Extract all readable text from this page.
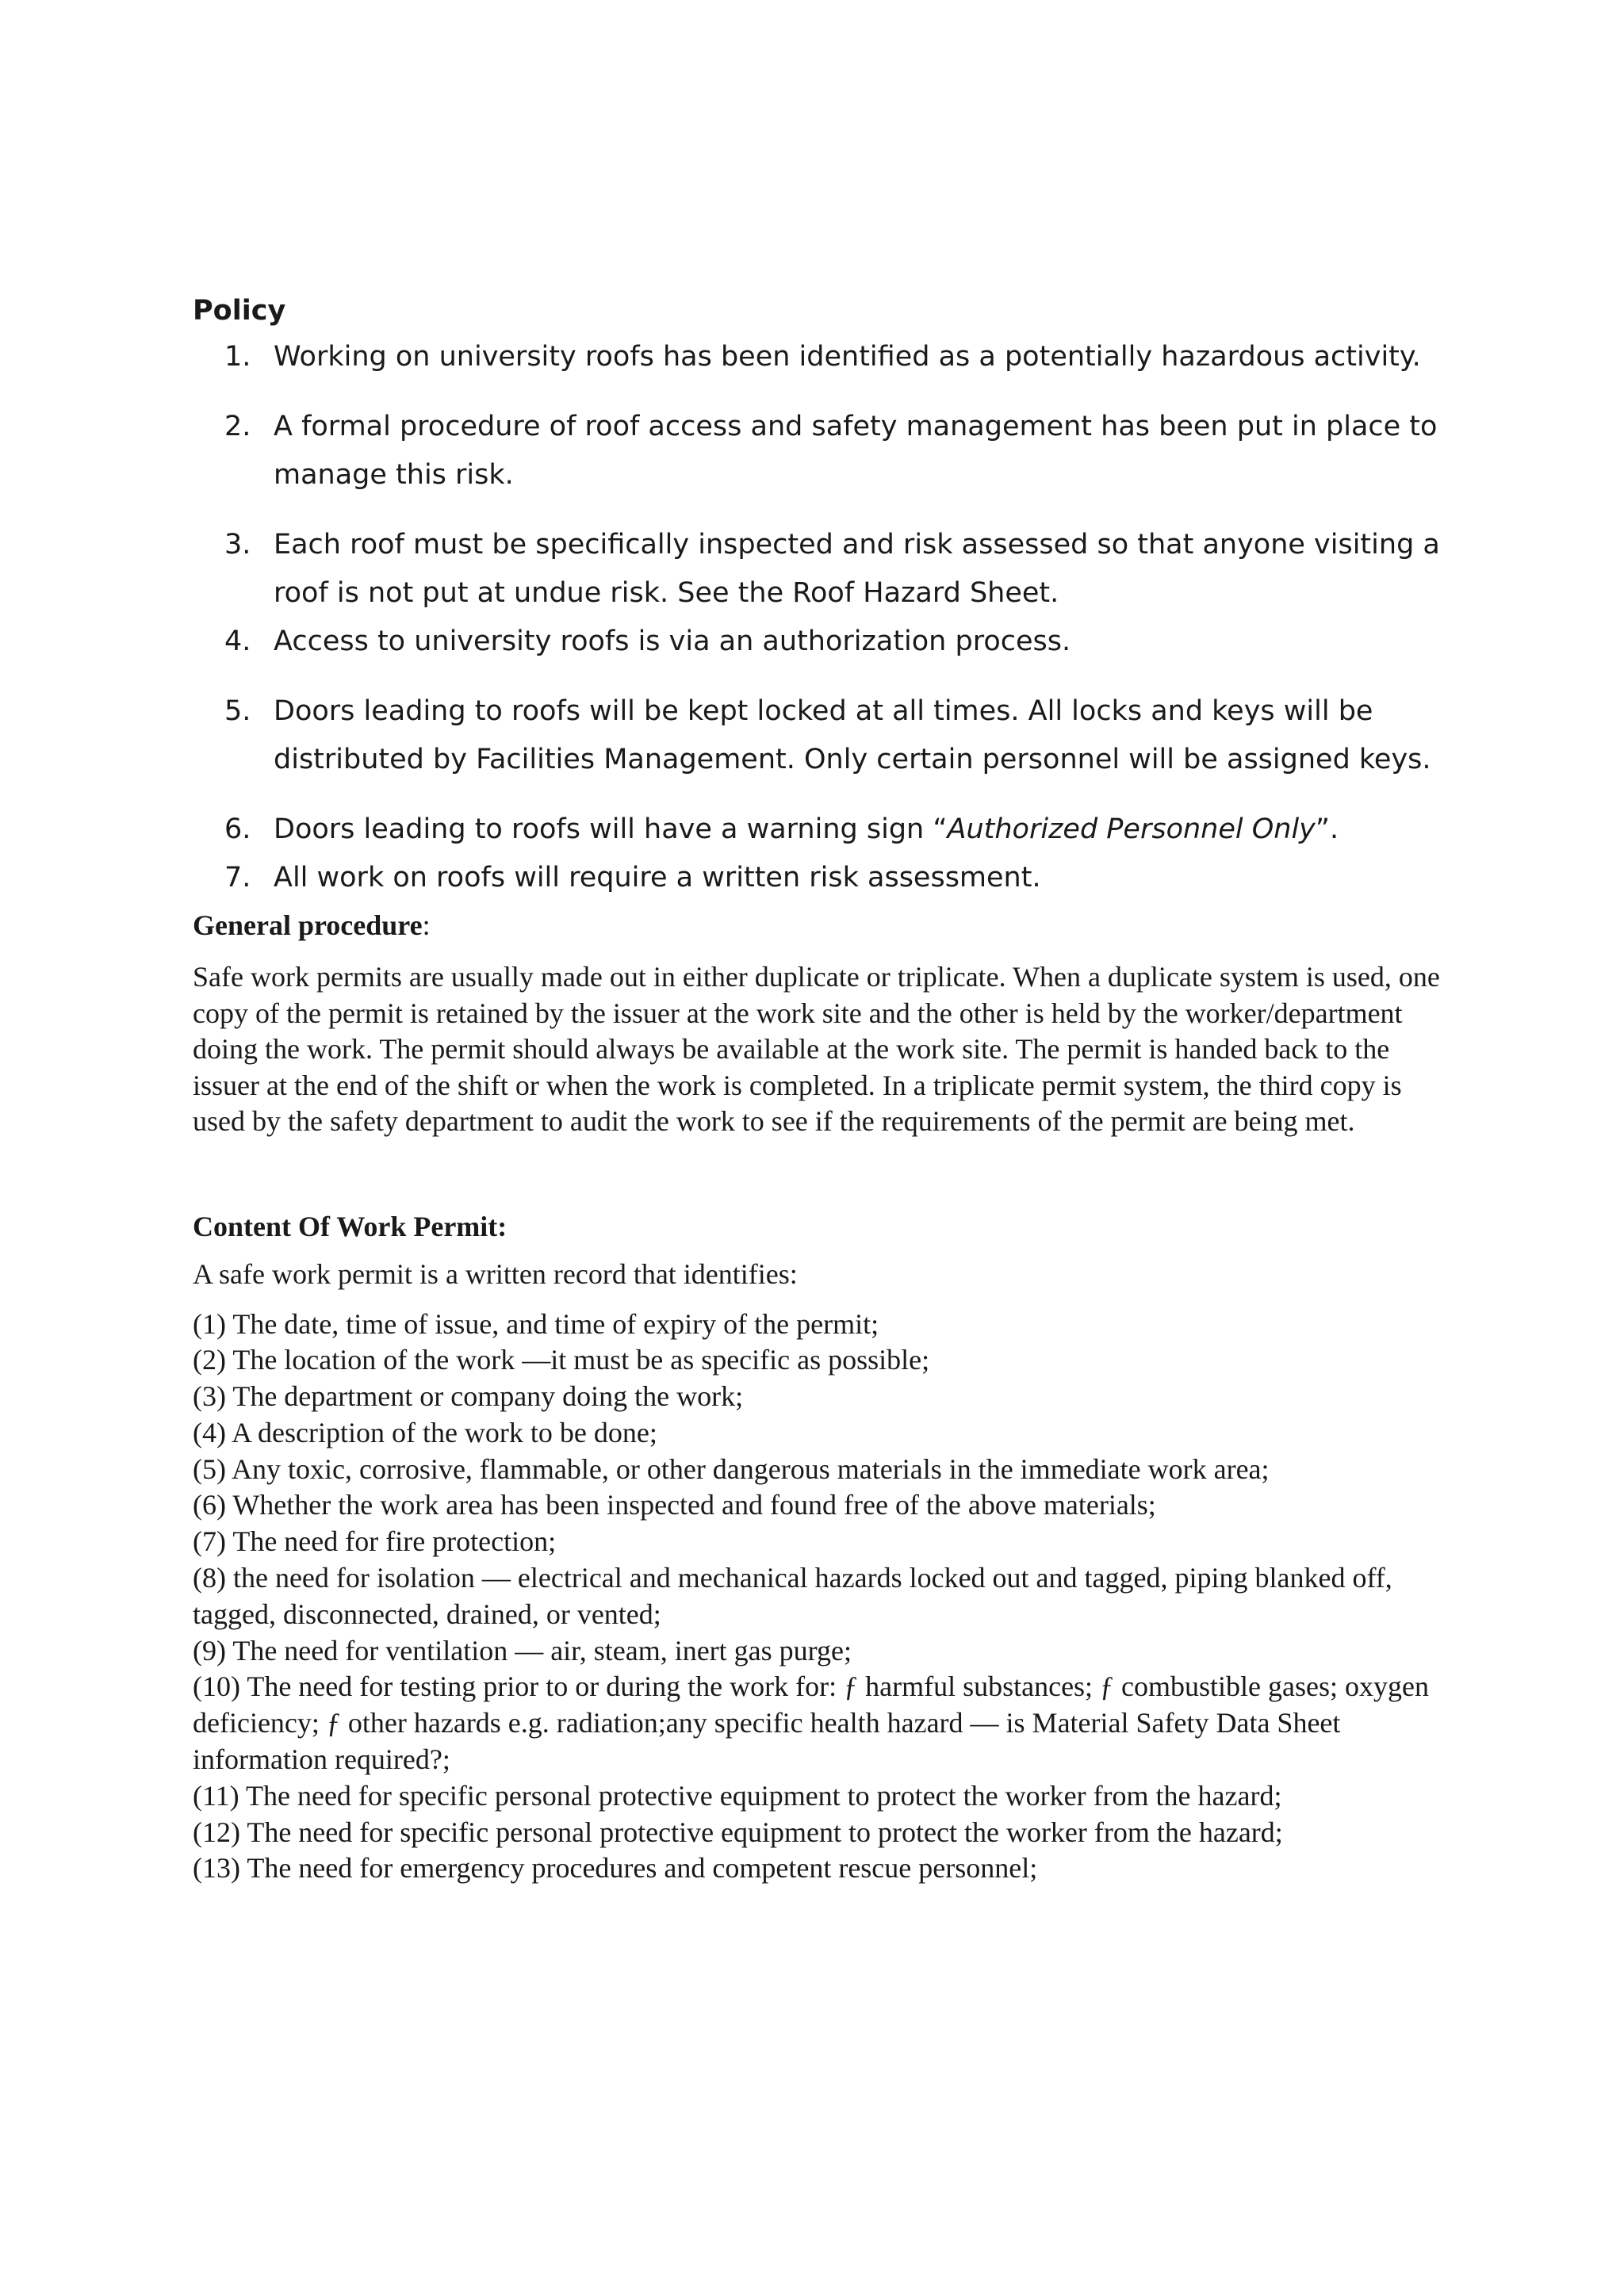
Policy
1. Working on university roofs has been identified as a potentially hazardous activity.
2. A formal procedure of roof access and safety management has been put in place to manage this risk.
3. Each roof must be specifically inspected and risk assessed so that anyone visiting a roof is not put at undue risk. See the Roof Hazard Sheet.
4. Access to university roofs is via an authorization process.
5. Doors leading to roofs will be kept locked at all times. All locks and keys will be distributed by Facilities Management. Only certain personnel will be assigned keys.
6. Doors leading to roofs will have a warning sign “Authorized Personnel Only”.
7. All work on roofs will require a written risk assessment.
General procedure:

Safe work permits are usually made out in either duplicate or triplicate. When a duplicate system is used, one copy of the permit is retained by the issuer at the work site and the other is held by the worker/department doing the work. The permit should always be available at the work site. The permit is handed back to the issuer at the end of the shift or when the work is completed. In a triplicate permit system, the third copy is used by the safety department to audit the work to see if the requirements of the permit are being met.

Content Of Work Permit:

A safe work permit is a written record that identifies:

(1) The date, time of issue, and time of expiry of the permit;
(2) The location of the work —it must be as specific as possible;
(3) The department or company doing the work;
(4) A description of the work to be done;
(5) Any toxic, corrosive, flammable, or other dangerous materials in the immediate work area;
(6) Whether the work area has been inspected and found free of the above materials;
(7) The need for fire protection;
(8) the need for isolation — electrical and mechanical hazards locked out and tagged, piping blanked off, tagged, disconnected, drained, or vented;
(9) The need for ventilation — air, steam, inert gas purge;
(10) The need for testing prior to or during the work for: ƒ harmful substances; ƒ combustible gases; oxygen deficiency; ƒ other hazards e.g. radiation;any specific health hazard — is Material Safety Data Sheet information required?;
(11) The need for specific personal protective equipment to protect the worker from the hazard;
(12) The need for specific personal protective equipment to protect the worker from the hazard;
(13) The need for emergency procedures and competent rescue personnel;
